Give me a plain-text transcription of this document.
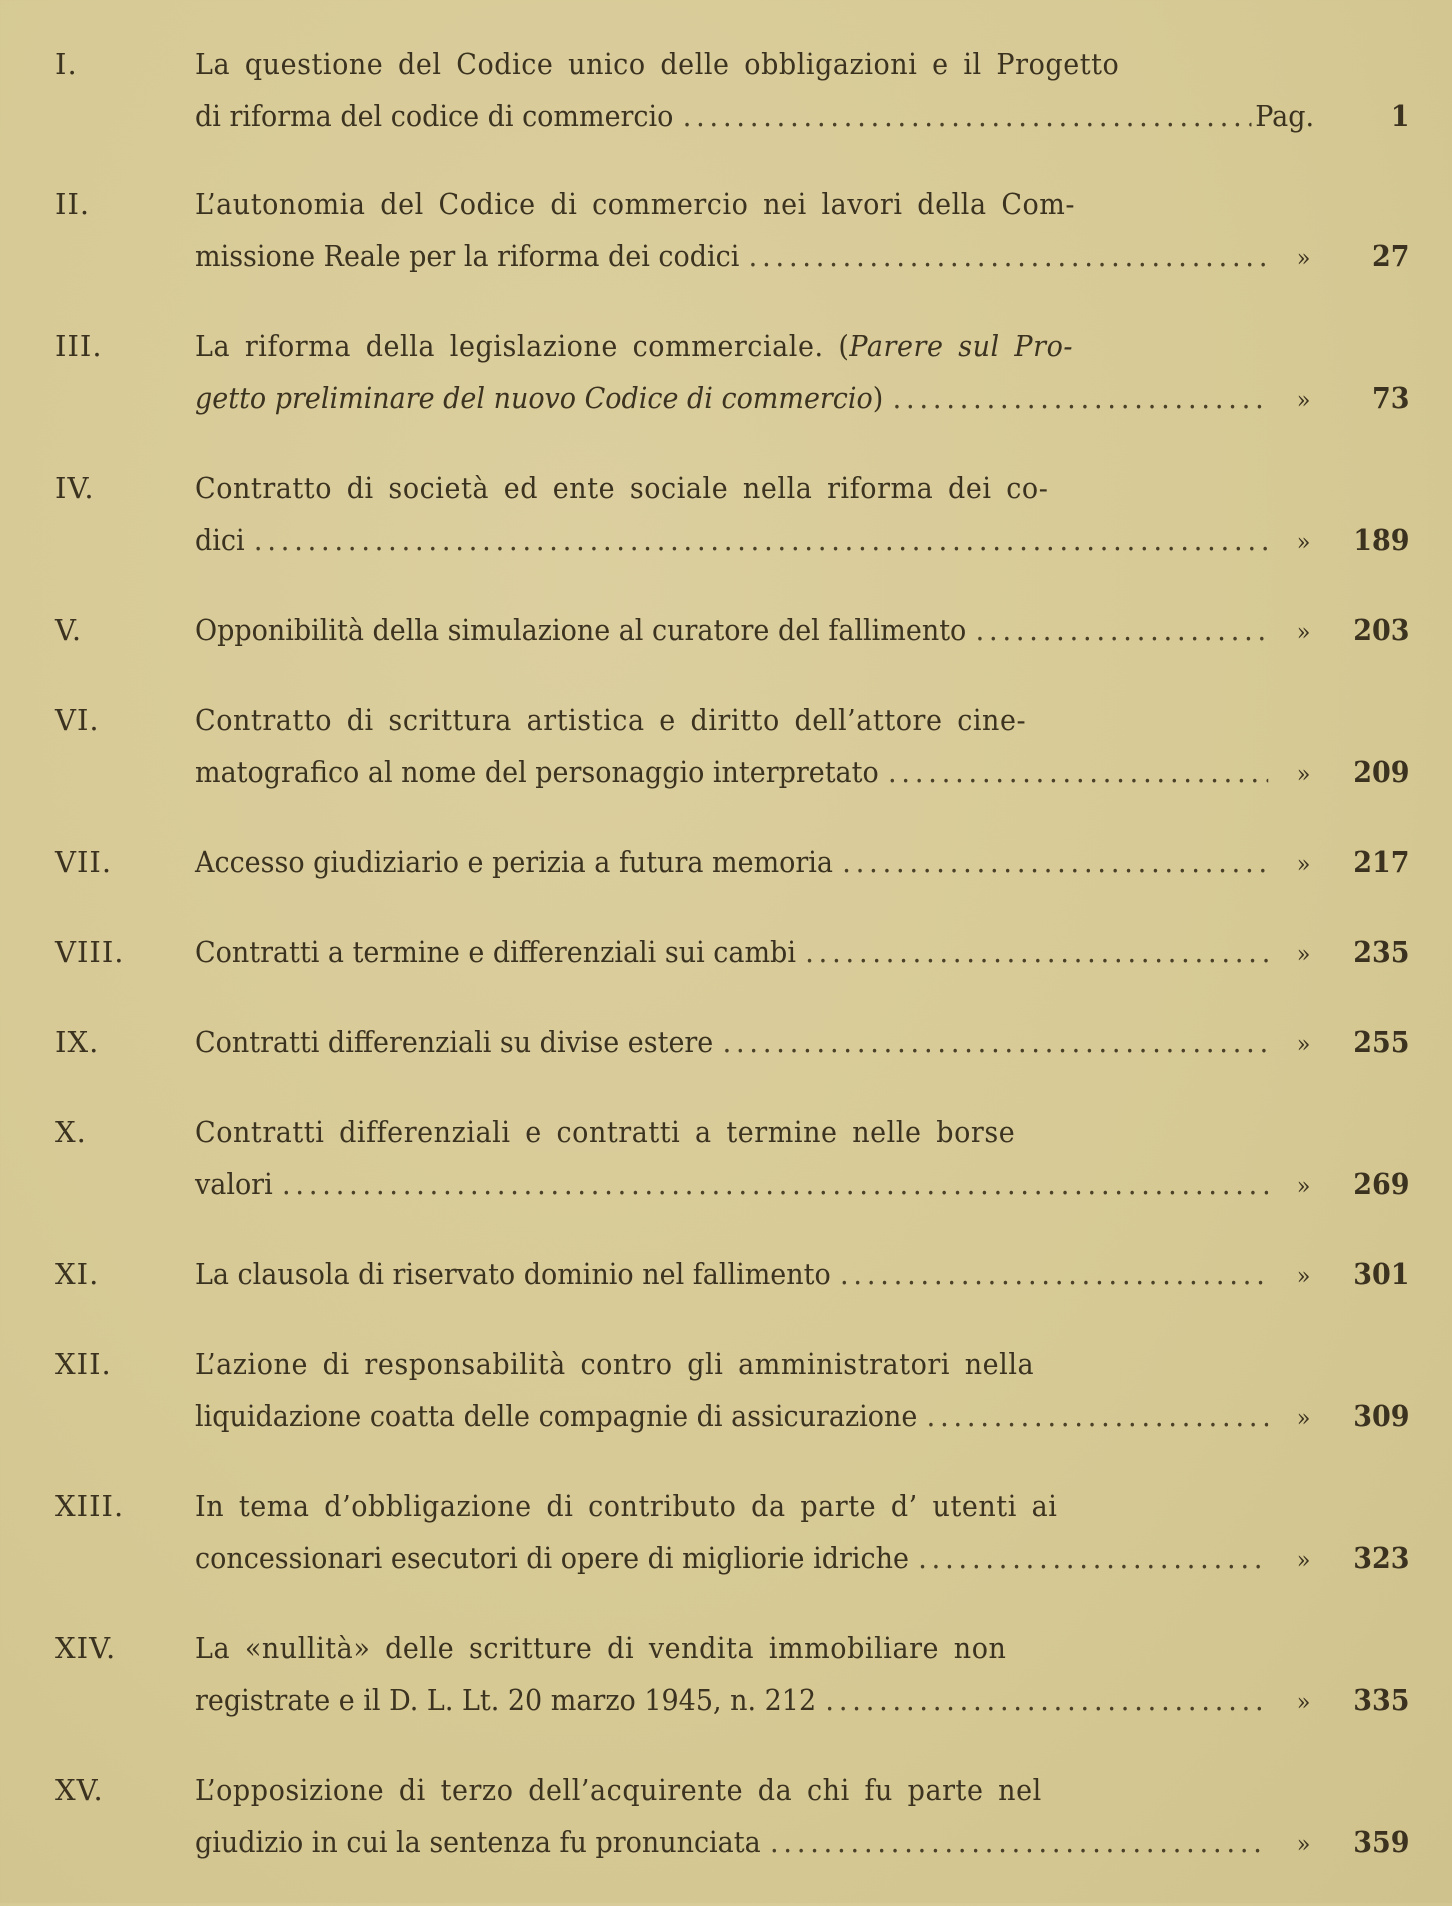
I.	La questione del Codice unico delle obbligazioni e il Progetto
di riforma del codice di commercio . . .	Pag.	1
II.	L’autonomia del Codice di commercio nei lavori della Com-
missione Reale per la riforma dei codici . . .	»	27
III.	La riforma della legislazione commerciale. (Parere sul Pro-
getto preliminare del nuovo Codice di commercio) . . .	»	73
IV.	Contratto di società ed ente sociale nella riforma dei co-
dici . . .	»	189
V.	Opponibilità della simulazione al curatore del fallimento . . .	»	203
VI.	Contratto di scrittura artistica e diritto dell’attore cine-
matografico al nome del personaggio interpretato . . .	»	209
VII.	Accesso giudiziario e perizia a futura memoria . . .	»	217
VIII. Contratti a termine e differenziali sui cambi . . .	»	235
IX.	Contratti differenziali su divise estere . . .	»	255
X.	Contratti differenziali e contratti a termine nelle borse
valori . . .	»	269
XI.	La clausola di riservato dominio nel fallimento . . .	»	301
XII.	L’azione di responsabilità contro gli amministratori nella
liquidazione coatta delle compagnie di assicurazione . . .	»	309
XIII. In tema d’obbligazione di contributo da parte d’ utenti ai
concessionari esecutori di opere di migliorie idriche . . .	»	323
XIV.	La «nullità» delle scritture di vendita immobiliare non
registrate e il D. L. Lt. 20 marzo 1945, n. 212 . . .	»	335
XV.	L’opposizione di terzo dell’acquirente da chi fu parte nel
giudizio in cui la sentenza fu pronunciata . . .	»	359
